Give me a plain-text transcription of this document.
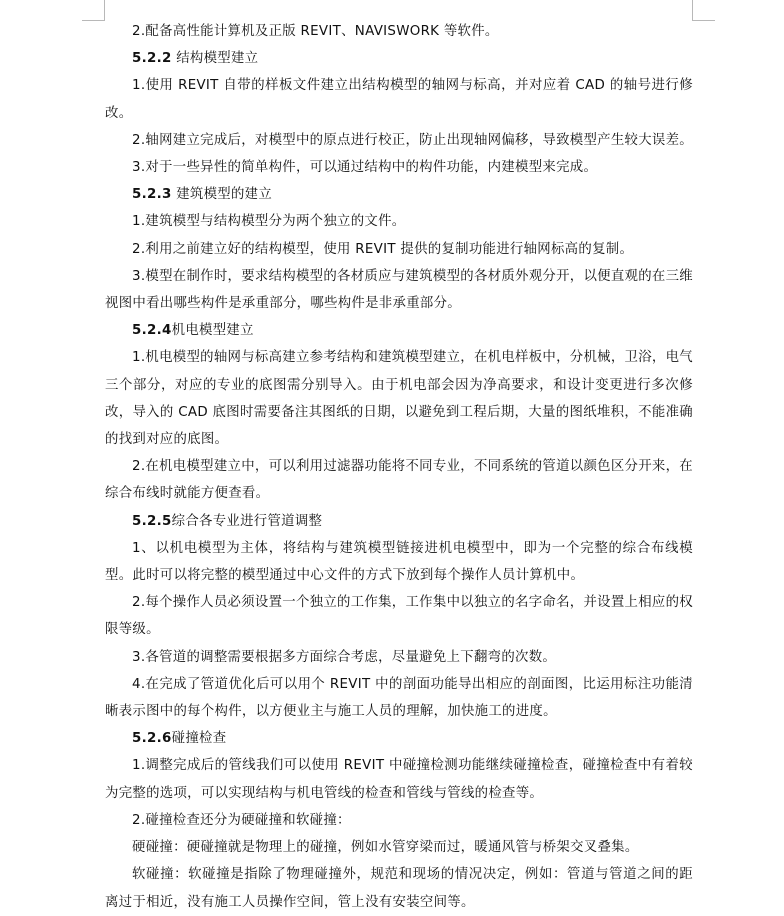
2.配备高性能计算机及正版 REVIT、NAVISWORK 等软件。

5.2.2 结构模型建立

1.使用 REVIT 自带的样板文件建立出结构模型的轴网与标高，并对应着 CAD 的轴号进行修改。

2.轴网建立完成后，对模型中的原点进行校正，防止出现轴网偏移，导致模型产生较大误差。

3.对于一些异性的简单构件，可以通过结构中的构件功能，内建模型来完成。

5.2.3 建筑模型的建立

1.建筑模型与结构模型分为两个独立的文件。

2.利用之前建立好的结构模型，使用 REVIT 提供的复制功能进行轴网标高的复制。

3.模型在制作时，要求结构模型的各材质应与建筑模型的各材质外观分开，以便直观的在三维视图中看出哪些构件是承重部分，哪些构件是非承重部分。

5.2.4机电模型建立

1.机电模型的轴网与标高建立参考结构和建筑模型建立，在机电样板中，分机械，卫浴，电气三个部分，对应的专业的底图需分别导入。由于机电部会因为净高要求，和设计变更进行多次修改，导入的 CAD 底图时需要备注其图纸的日期，以避免到工程后期，大量的图纸堆积，不能准确的找到对应的底图。

2.在机电模型建立中，可以利用过滤器功能将不同专业，不同系统的管道以颜色区分开来，在综合布线时就能方便查看。

5.2.5综合各专业进行管道调整

1、以机电模型为主体，将结构与建筑模型链接进机电模型中，即为一个完整的综合布线模型。此时可以将完整的模型通过中心文件的方式下放到每个操作人员计算机中。

2.每个操作人员必须设置一个独立的工作集，工作集中以独立的名字命名，并设置上相应的权限等级。

3.各管道的调整需要根据多方面综合考虑，尽量避免上下翻弯的次数。

4.在完成了管道优化后可以用个 REVIT 中的剖面功能导出相应的剖面图，比运用标注功能清晰表示图中的每个构件，以方便业主与施工人员的理解，加快施工的进度。

5.2.6碰撞检查

1.调整完成后的管线我们可以使用 REVIT 中碰撞检测功能继续碰撞检查，碰撞检查中有着较为完整的选项，可以实现结构与机电管线的检查和管线与管线的检查等。

2.碰撞检查还分为硬碰撞和软碰撞：

硬碰撞：硬碰撞就是物理上的碰撞，例如水管穿梁而过，暖通风管与桥架交叉叠集。

软碰撞：软碰撞是指除了物理碰撞外，规范和现场的情况决定，例如：管道与管道之间的距离过于相近，没有施工人员操作空间，管上没有安装空间等。
